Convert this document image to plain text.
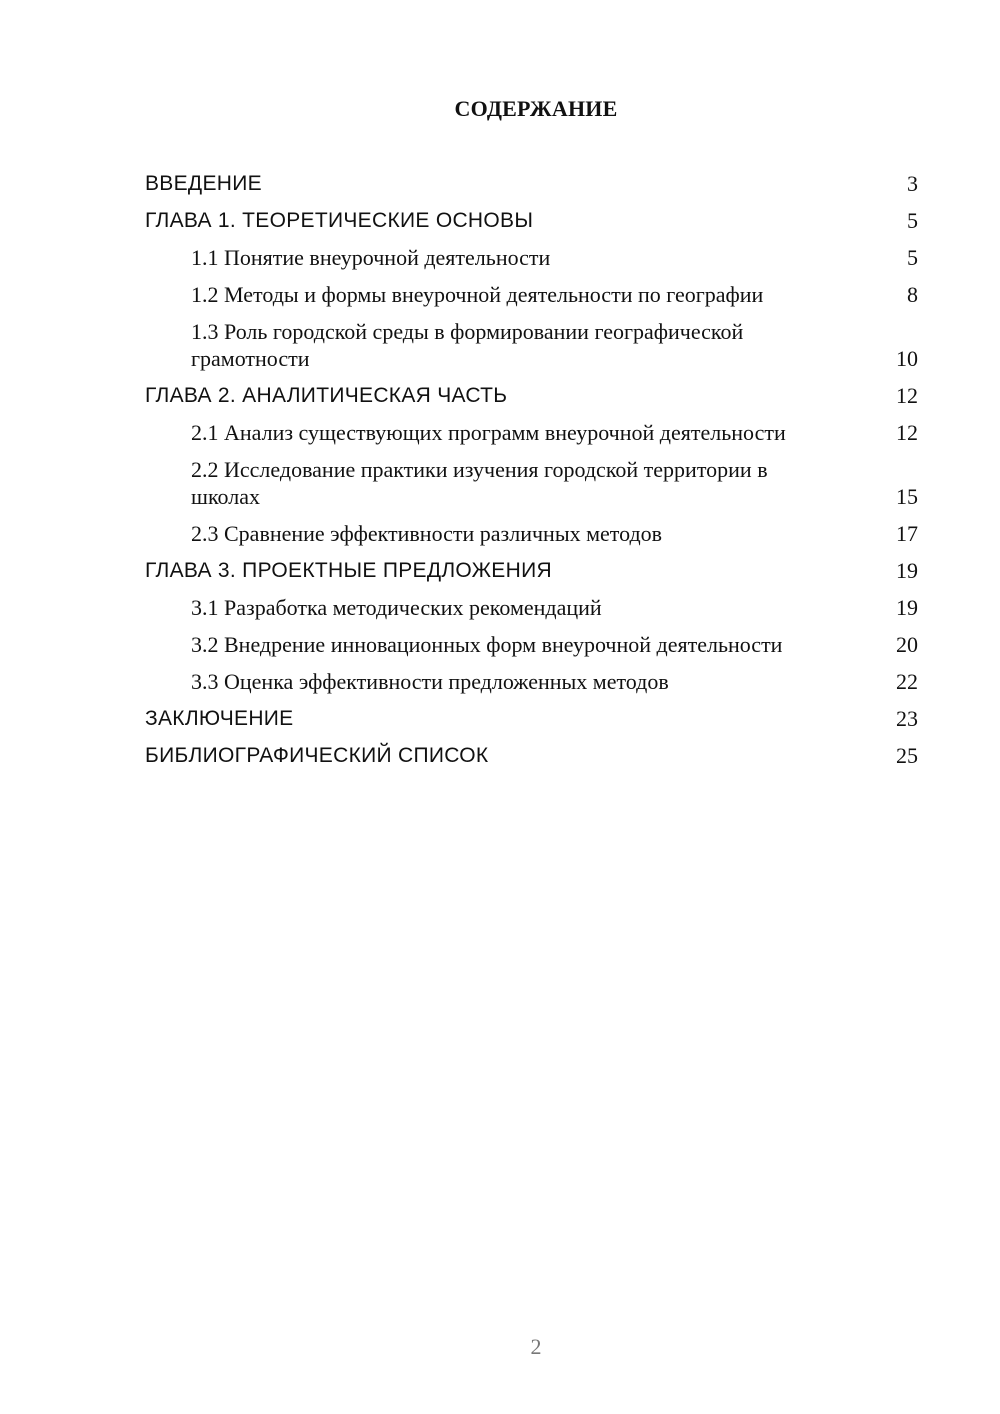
СОДЕРЖАНИЕ
ВВЕДЕНИЕ	3
ГЛАВА 1. ТЕОРЕТИЧЕСКИЕ ОСНОВЫ	5
1.1 Понятие внеурочной деятельности	5
1.2 Методы и формы внеурочной деятельности по географии	8
1.3 Роль городской среды в формировании географической грамотности	10
ГЛАВА 2. АНАЛИТИЧЕСКАЯ ЧАСТЬ	12
2.1 Анализ существующих программ внеурочной деятельности	12
2.2 Исследование практики изучения городской территории в школах	15
2.3 Сравнение эффективности различных методов	17
ГЛАВА 3. ПРОЕКТНЫЕ ПРЕДЛОЖЕНИЯ	19
3.1 Разработка методических рекомендаций	19
3.2 Внедрение инновационных форм внеурочной деятельности	20
3.3 Оценка эффективности предложенных методов	22
ЗАКЛЮЧЕНИЕ	23
БИБЛИОГРАФИЧЕСКИЙ СПИСОК	25
2
